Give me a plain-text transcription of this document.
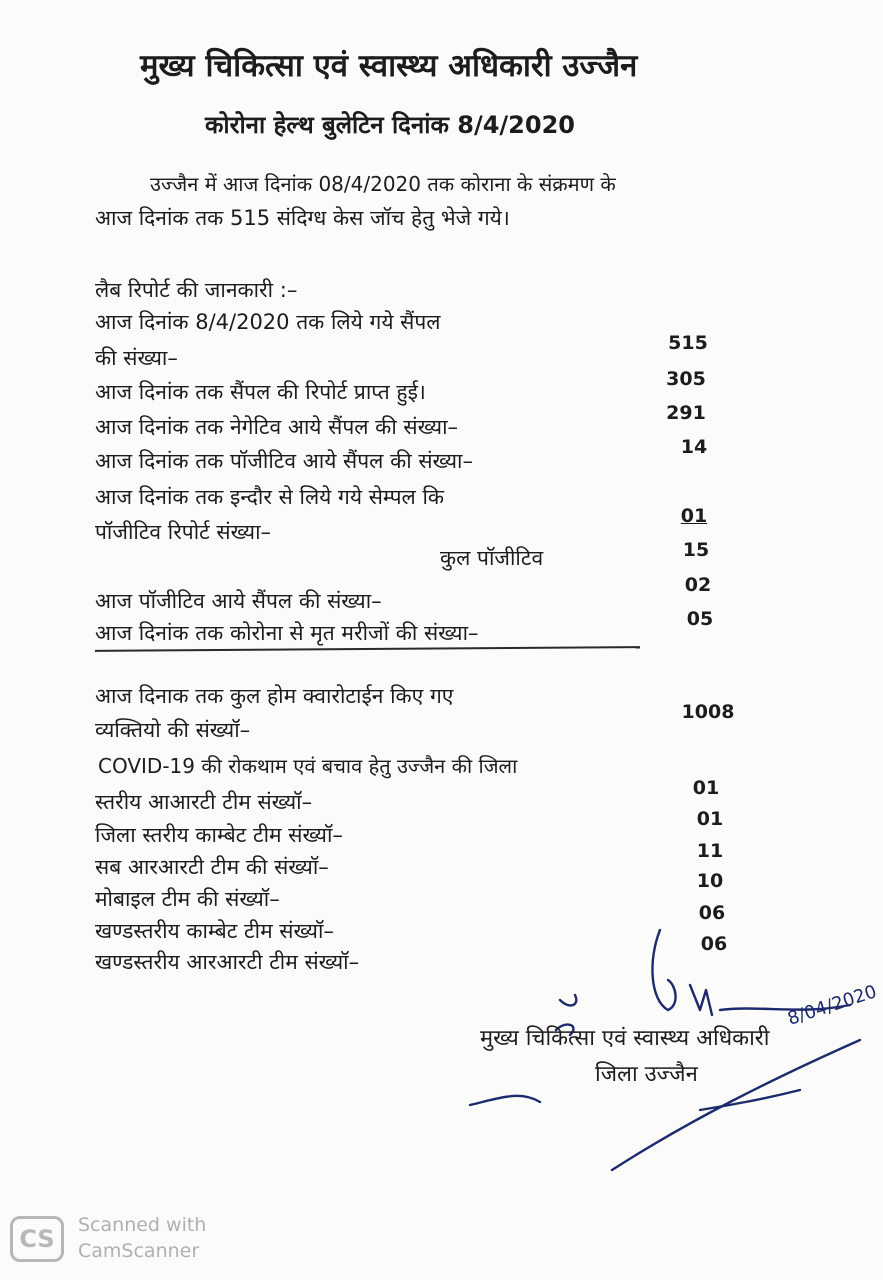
मुख्य चिकित्सा एवं स्वास्थ्य अधिकारी उज्जैन
कोरोना हेल्थ बुलेटिन दिनांक 8/4/2020
उज्जैन में आज दिनांक 08/4/2020 तक कोराना के संक्रमण के
आज दिनांक तक 515 संदिग्ध केस जॉच हेतु भेजे गये।
लैब रिपोर्ट की जानकारी :–
आज दिनांक 8/4/2020 तक लिये गये सैंपल
की संख्या–
515
आज दिनांक तक सैंपल की रिपोर्ट प्राप्त हुई।
305
आज दिनांक तक नेगेटिव आये सैंपल की संख्या–
291
आज दिनांक तक पॉजीटिव आये सैंपल की संख्या–
14
आज दिनांक तक इन्दौर से लिये गये सेम्पल कि
पॉजीटिव रिपोर्ट संख्या–
01
कुल पॉजीटिव	15
आज पॉजीटिव आये सैंपल की संख्या–
02
आज दिनांक तक कोरोना से मृत मरीजों की संख्या–
05
आज दिनाक तक कुल होम क्वारोटाईन किए गए
व्यक्तियो की संख्यॉ–
1008
COVID-19 की रोकथाम एवं बचाव हेतु उज्जैन की जिला
स्तरीय आआरटी टीम संख्यॉ–
01
जिला स्तरीय काम्बेट टीम संख्यॉ–
01
सब आरआरटी टीम की संख्यॉ–
11
मोबाइल टीम की संख्यॉ–
10
खण्डस्तरीय काम्बेट टीम संख्यॉ–
06
खण्डस्तरीय आरआरटी टीम संख्यॉ–
06
8/04/2020
मुख्य चिकित्सा एवं स्वास्थ्य अधिकारी
जिला उज्जैन
CS	Scanned with
CamScanner
